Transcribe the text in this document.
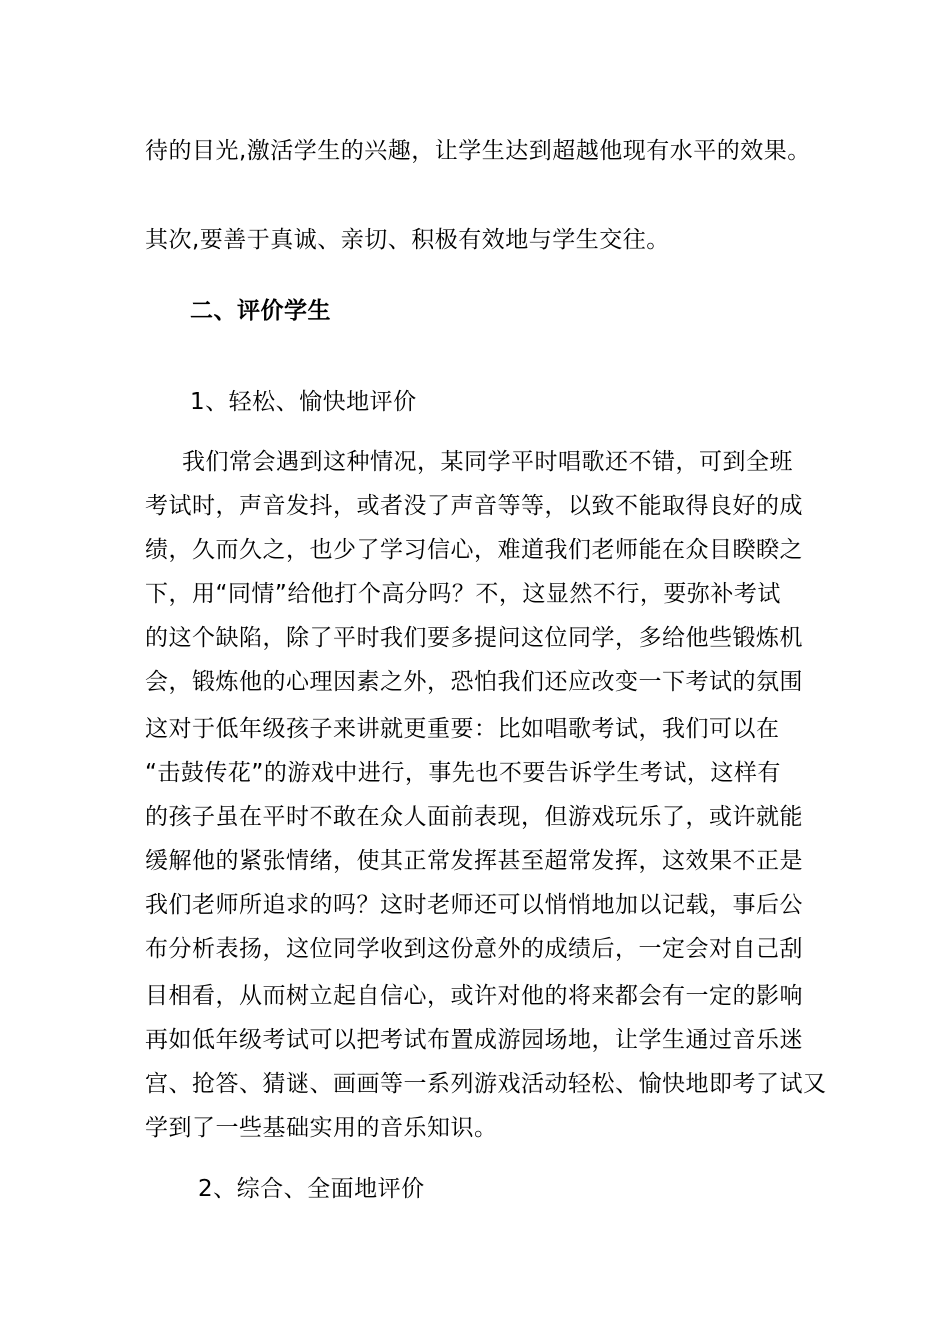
待的目光,激活学生的兴趣，让学生达到超越他现有水平的效果。
其次,要善于真诚、亲切、积极有效地与学生交往。
二、评价学生
1、轻松、愉快地评价
我们常会遇到这种情况，某同学平时唱歌还不错，可到全班
考试时，声音发抖，或者没了声音等等，以致不能取得良好的成
绩，久而久之，也少了学习信心，难道我们老师能在众目睽睽之
下，用“同情”给他打个高分吗？不，这显然不行，要弥补考试
的这个缺陷，除了平时我们要多提问这位同学，多给他些锻炼机
会，锻炼他的心理因素之外，恐怕我们还应改变一下考试的氛围
这对于低年级孩子来讲就更重要：比如唱歌考试，我们可以在
“击鼓传花”的游戏中进行，事先也不要告诉学生考试，这样有
的孩子虽在平时不敢在众人面前表现，但游戏玩乐了，或许就能
缓解他的紧张情绪，使其正常发挥甚至超常发挥，这效果不正是
我们老师所追求的吗？这时老师还可以悄悄地加以记载，事后公
布分析表扬，这位同学收到这份意外的成绩后，一定会对自己刮
目相看，从而树立起自信心，或许对他的将来都会有一定的影响
再如低年级考试可以把考试布置成游园场地，让学生通过音乐迷
宫、抢答、猜谜、画画等一系列游戏活动轻松、愉快地即考了试又
学到了一些基础实用的音乐知识。
2、综合、全面地评价
